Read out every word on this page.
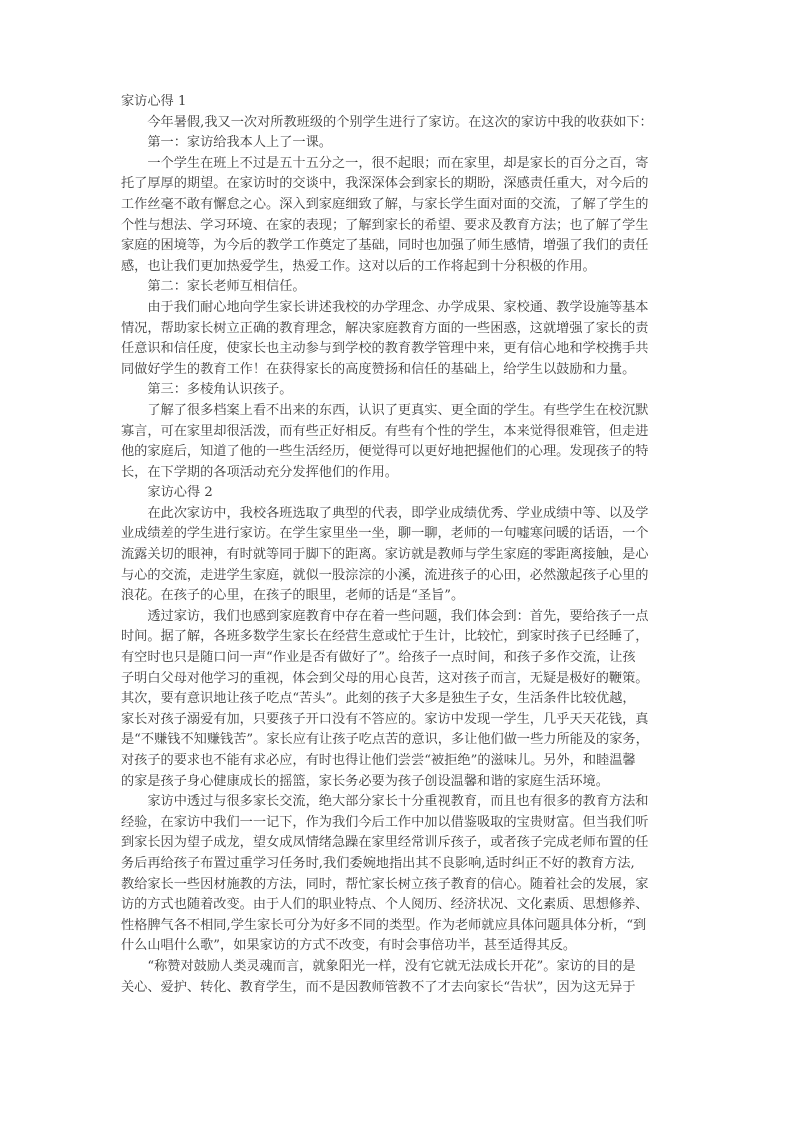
家访心得 1
　　今年暑假,我又一次对所教班级的个别学生进行了家访。在这次的家访中我的收获如下：
　　第一：家访给我本人上了一课。
　　一个学生在班上不过是五十五分之一，很不起眼；而在家里，却是家长的百分之百，寄
托了厚厚的期望。在家访时的交谈中，我深深体会到家长的期盼，深感责任重大，对今后的
工作丝毫不敢有懈怠之心。深入到家庭细致了解，与家长学生面对面的交流，了解了学生的
个性与想法、学习环境、在家的表现；了解到家长的希望、要求及教育方法；也了解了学生
家庭的困境等，为今后的教学工作奠定了基础，同时也加强了师生感情，增强了我们的责任
感，也让我们更加热爱学生，热爱工作。这对以后的工作将起到十分积极的作用。
　　第二：家长老师互相信任。
　　由于我们耐心地向学生家长讲述我校的办学理念、办学成果、家校通、教学设施等基本
情况，帮助家长树立正确的教育理念，解决家庭教育方面的一些困惑，这就增强了家长的责
任意识和信任度，使家长也主动参与到学校的教育教学管理中来，更有信心地和学校携手共
同做好学生的教育工作！在获得家长的高度赞扬和信任的基础上，给学生以鼓励和力量。
　　第三：多棱角认识孩子。
　　了解了很多档案上看不出来的东西，认识了更真实、更全面的学生。有些学生在校沉默
寡言，可在家里却很活泼，而有些正好相反。有些有个性的学生，本来觉得很难管，但走进
他的家庭后，知道了他的一些生活经历，便觉得可以更好地把握他们的心理。发现孩子的特
长，在下学期的各项活动充分发挥他们的作用。
家访心得 2
　　在此次家访中，我校各班选取了典型的代表，即学业成绩优秀、学业成绩中等、以及学
业成绩差的学生进行家访。在学生家里坐一坐，聊一聊，老师的一句嘘寒问暖的话语，一个
流露关切的眼神，有时就等同于脚下的距离。家访就是教师与学生家庭的零距离接触，是心
与心的交流，走进学生家庭，就似一股淙淙的小溪，流进孩子的心田，必然激起孩子心里的
浪花。在孩子的心里，在孩子的眼里，老师的话是“圣旨”。
　　透过家访，我们也感到家庭教育中存在着一些问题，我们体会到：首先，要给孩子一点
时间。据了解，各班多数学生家长在经营生意或忙于生计，比较忙，到家时孩子已经睡了，
有空时也只是随口问一声“作业是否有做好了”。给孩子一点时间，和孩子多作交流，让孩
子明白父母对他学习的重视，体会到父母的用心良苦，这对孩子而言，无疑是极好的鞭策。
其次，要有意识地让孩子吃点“苦头”。此刻的孩子大多是独生子女，生活条件比较优越，
家长对孩子溺爱有加，只要孩子开口没有不答应的。家访中发现一学生，几乎天天花钱，真
是“不赚钱不知赚钱苦”。家长应有让孩子吃点苦的意识，多让他们做一些力所能及的家务，
对孩子的要求也不能有求必应，有时也得让他们尝尝“被拒绝”的滋味儿。另外，和睦温馨
的家是孩子身心健康成长的摇篮，家长务必要为孩子创设温馨和谐的家庭生活环境。
　　家访中透过与很多家长交流，绝大部分家长十分重视教育，而且也有很多的教育方法和
经验，在家访中我们一一记下，作为我们今后工作中加以借鉴吸取的宝贵财富。但当我们听
到家长因为望子成龙，望女成凤情绪急躁在家里经常训斥孩子，或者孩子完成老师布置的任
务后再给孩子布置过重学习任务时,我们委婉地指出其不良影响,适时纠正不好的教育方法,
教给家长一些因材施教的方法，同时，帮忙家长树立孩子教育的信心。随着社会的发展，家
访的方式也随着改变。由于人们的职业特点、个人阅历、经济状况、文化素质、思想修养、
性格脾气各不相同,学生家长可分为好多不同的类型。作为老师就应具体问题具体分析，“到
什么山唱什么歌”，如果家访的方式不改变，有时会事倍功半，甚至适得其反。
　　“称赞对鼓励人类灵魂而言，就象阳光一样，没有它就无法成长开花”。家访的目的是
关心、爱护、转化、教育学生，而不是因教师管教不了才去向家长“告状”，因为这无异于
